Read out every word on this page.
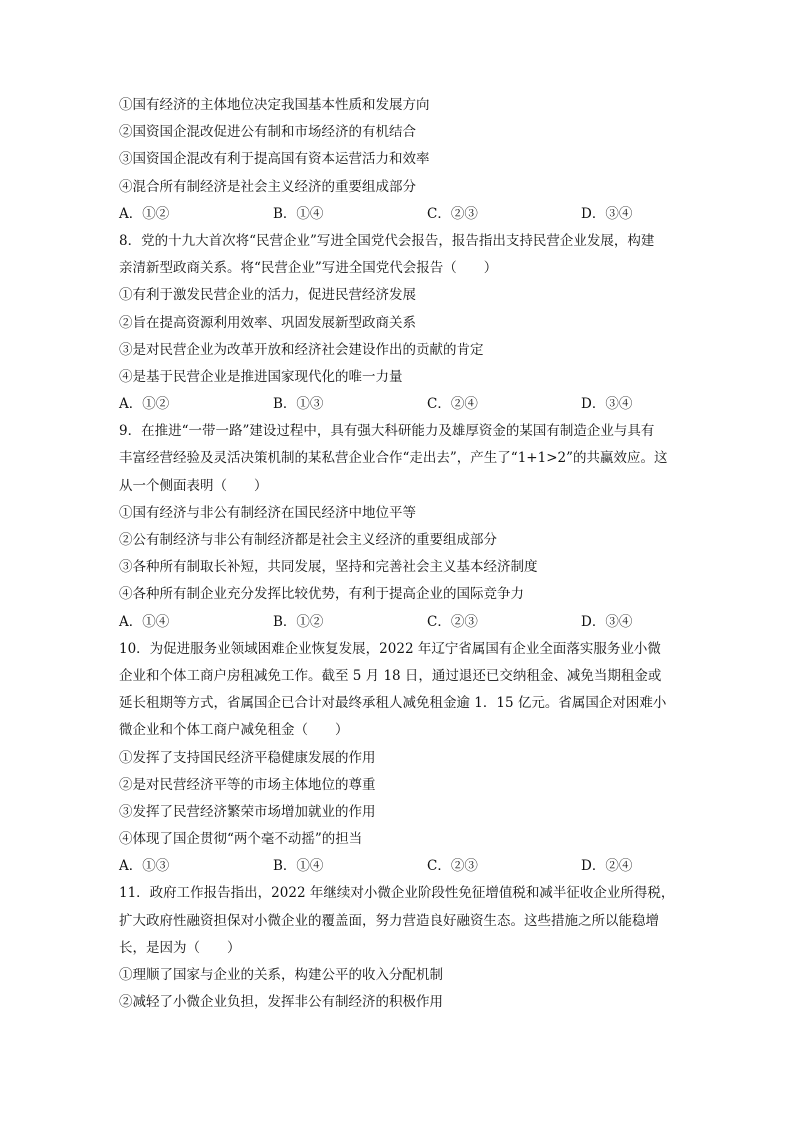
①国有经济的主体地位决定我国基本性质和发展方向
②国资国企混改促进公有制和市场经济的有机结合
③国资国企混改有利于提高国有资本运营活力和效率
④混合所有制经济是社会主义经济的重要组成部分
A．①②	B．①④	C．②③	D．③④
8．党的十九大首次将“民营企业”写进全国党代会报告，报告指出支持民营企业发展，构建
亲清新型政商关系。将“民营企业”写进全国党代会报告（　　）
①有利于激发民营企业的活力，促进民营经济发展
②旨在提高资源利用效率、巩固发展新型政商关系
③是对民营企业为改革开放和经济社会建设作出的贡献的肯定
④是基于民营企业是推进国家现代化的唯一力量
A．①②	B．①③	C．②④	D．③④
9．在推进“一带一路”建设过程中，具有强大科研能力及雄厚资金的某国有制造企业与具有
丰富经营经验及灵活决策机制的某私营企业合作“走出去”，产生了“1+1>2”的共赢效应。这
从一个侧面表明（　　）
①国有经济与非公有制经济在国民经济中地位平等
②公有制经济与非公有制经济都是社会主义经济的重要组成部分
③各种所有制取长补短，共同发展，坚持和完善社会主义基本经济制度
④各种所有制企业充分发挥比较优势，有利于提高企业的国际竞争力
A．①④	B．①②	C．②③	D．③④
10．为促进服务业领域困难企业恢复发展，2022 年辽宁省属国有企业全面落实服务业小微
企业和个体工商户房租减免工作。截至 5 月 18 日，通过退还已交纳租金、减免当期租金或
延长租期等方式，省属国企已合计对最终承租人减免租金逾 1．15 亿元。省属国企对困难小
微企业和个体工商户减免租金（　　）
①发挥了支持国民经济平稳健康发展的作用
②是对民营经济平等的市场主体地位的尊重
③发挥了民营经济繁荣市场增加就业的作用
④体现了国企贯彻“两个毫不动摇”的担当
A．①③	B．①④	C．②③	D．②④
11．政府工作报告指出，2022 年继续对小微企业阶段性免征增值税和减半征收企业所得税，
扩大政府性融资担保对小微企业的覆盖面，努力营造良好融资生态。这些措施之所以能稳增
长，是因为（　　）
①理顺了国家与企业的关系，构建公平的收入分配机制
②减轻了小微企业负担，发挥非公有制经济的积极作用
